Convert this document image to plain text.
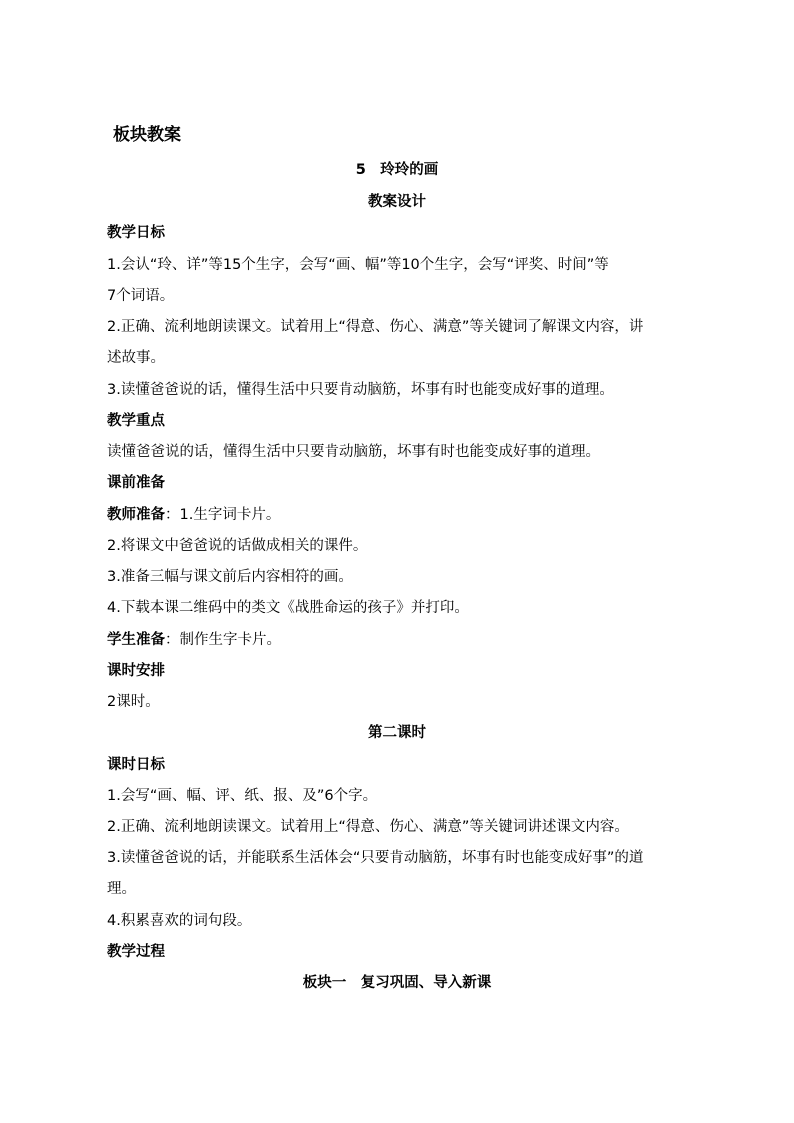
板块教案
5　玲玲的画
教案设计
教学日标
1.会认“玲、详”等15个生字，会写“画、幅”等10个生字，会写“评奖、时间”等
7个词语。
2.正确、流利地朗读课文。试着用上“得意、伤心、满意”等关键词了解课文内容，讲
述故事。
3.读懂爸爸说的话，懂得生活中只要肯动脑筋，坏事有时也能变成好事的道理。
教学重点
读懂爸爸说的话，懂得生活中只要肯动脑筋，坏事有时也能变成好事的道理。
课前准备
教师准备：1.生字词卡片。
2.将课文中爸爸说的话做成相关的课件。
3.准备三幅与课文前后内容相符的画。
4.下载本课二维码中的类文《战胜命运的孩子》并打印。
学生准备：制作生字卡片。
课时安排
2课时。
第二课时
课时日标
1.会写“画、幅、评、纸、报、及”6个字。
2.正确、流利地朗读课文。试着用上“得意、伤心、满意”等关键词讲述课文内容。
3.读懂爸爸说的话，并能联系生活体会“只要肯动脑筋，坏事有时也能变成好事”的道
理。
4.积累喜欢的词句段。
教学过程
板块一　复习巩固、导入新课
